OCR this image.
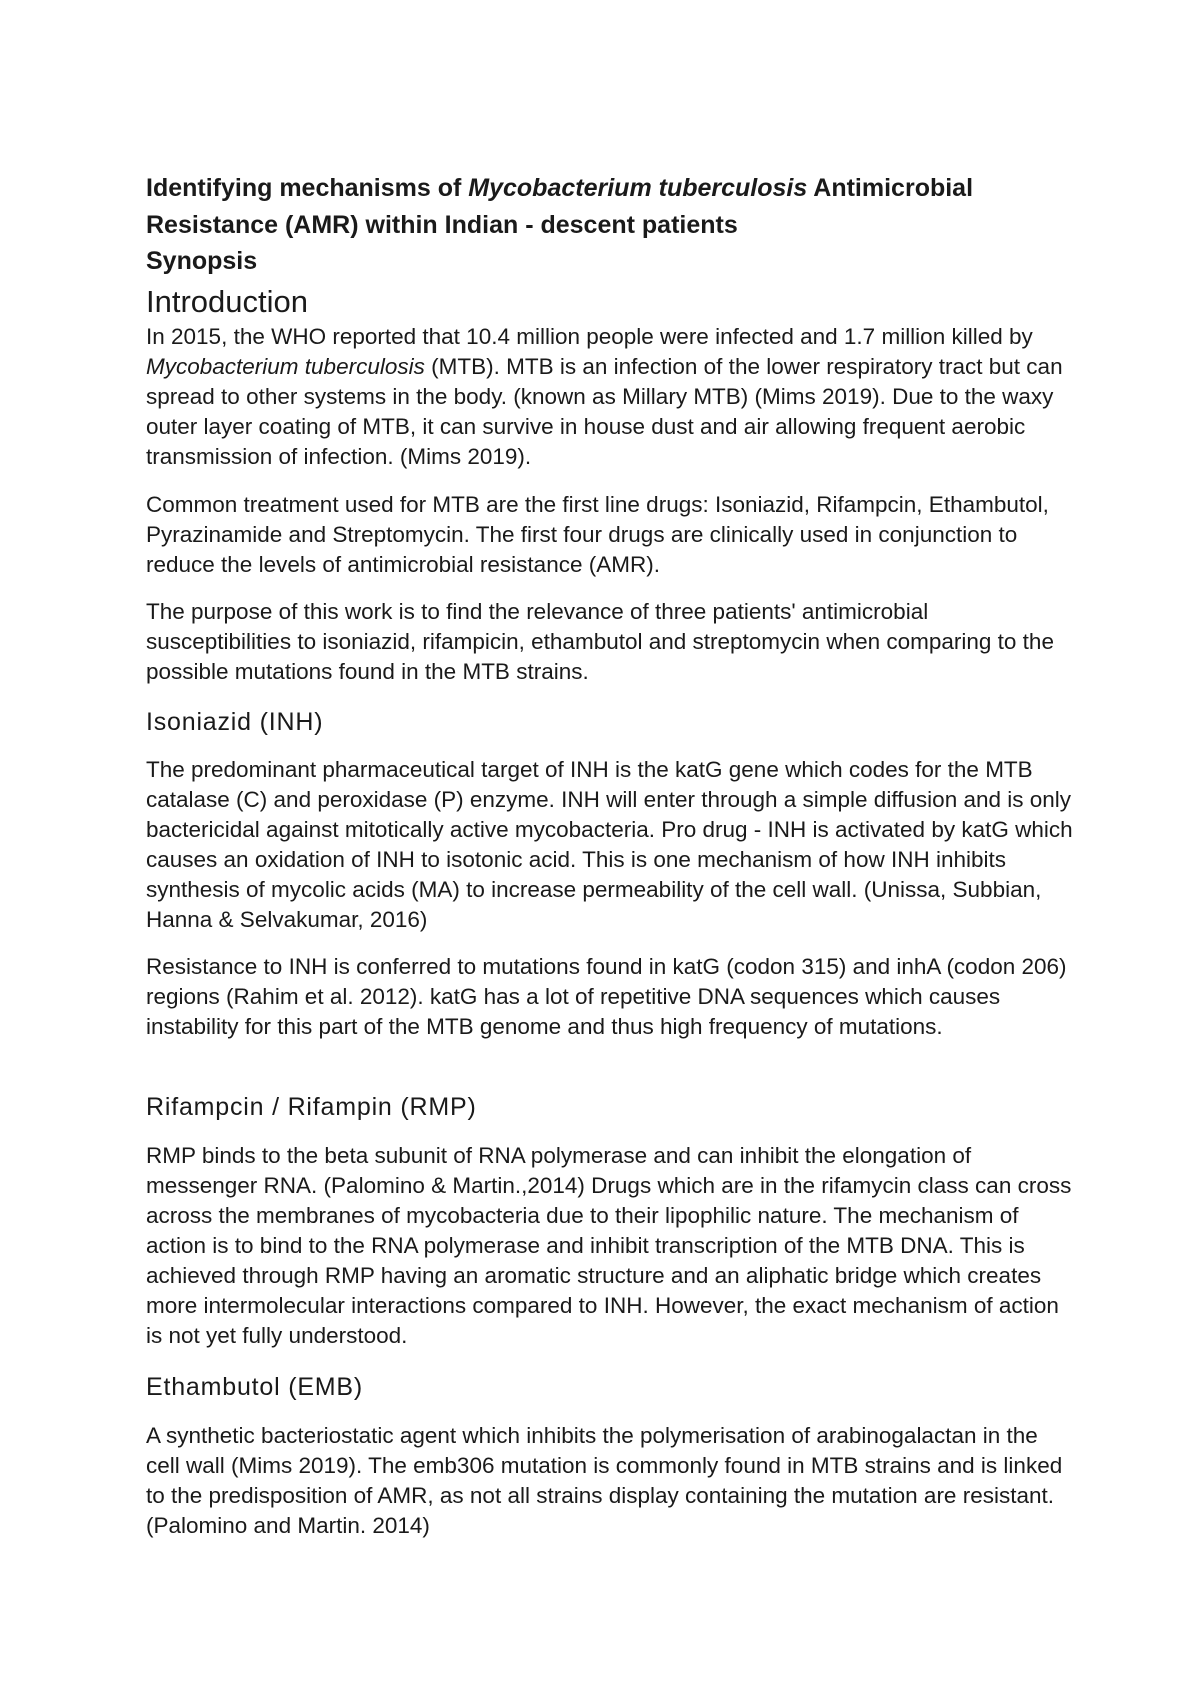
Identifying mechanisms of Mycobacterium tuberculosis Antimicrobial Resistance (AMR) within Indian - descent patients
Synopsis
Introduction

In 2015, the WHO reported that 10.4 million people were infected and 1.7 million killed by Mycobacterium tuberculosis (MTB). MTB is an infection of the lower respiratory tract but can spread to other systems in the body. (known as Millary MTB) (Mims 2019). Due to the waxy outer layer coating of MTB, it can survive in house dust and air allowing frequent aerobic transmission of infection. (Mims 2019).

Common treatment used for MTB are the first line drugs: Isoniazid, Rifampcin, Ethambutol, Pyrazinamide and Streptomycin. The first four drugs are clinically used in conjunction to reduce the levels of antimicrobial resistance (AMR).

The purpose of this work is to find the relevance of three patients' antimicrobial susceptibilities to isoniazid, rifampicin, ethambutol and streptomycin when comparing to the possible mutations found in the MTB strains.

Isoniazid (INH)

The predominant pharmaceutical target of INH is the katG gene which codes for the MTB catalase (C) and peroxidase (P) enzyme. INH will enter through a simple diffusion and is only bactericidal against mitotically active mycobacteria. Pro drug - INH is activated by katG which causes an oxidation of INH to isotonic acid. This is one mechanism of how INH inhibits synthesis of mycolic acids (MA) to increase permeability of the cell wall. (Unissa, Subbian, Hanna & Selvakumar, 2016)

Resistance to INH is conferred to mutations found in katG (codon 315) and inhA (codon 206) regions (Rahim et al. 2012). katG has a lot of repetitive DNA sequences which causes instability for this part of the MTB genome and thus high frequency of mutations.

Rifampcin / Rifampin (RMP)

RMP binds to the beta subunit of RNA polymerase and can inhibit the elongation of messenger RNA. (Palomino & Martin.,2014) Drugs which are in the rifamycin class can cross across the membranes of mycobacteria due to their lipophilic nature. The mechanism of action is to bind to the RNA polymerase and inhibit transcription of the MTB DNA. This is achieved through RMP having an aromatic structure and an aliphatic bridge which creates more intermolecular interactions compared to INH. However, the exact mechanism of action is not yet fully understood.

Ethambutol (EMB)

A synthetic bacteriostatic agent which inhibits the polymerisation of arabinogalactan in the cell wall (Mims 2019). The emb306 mutation is commonly found in MTB strains and is linked to the predisposition of AMR, as not all strains display containing the mutation are resistant. (Palomino and Martin. 2014)
